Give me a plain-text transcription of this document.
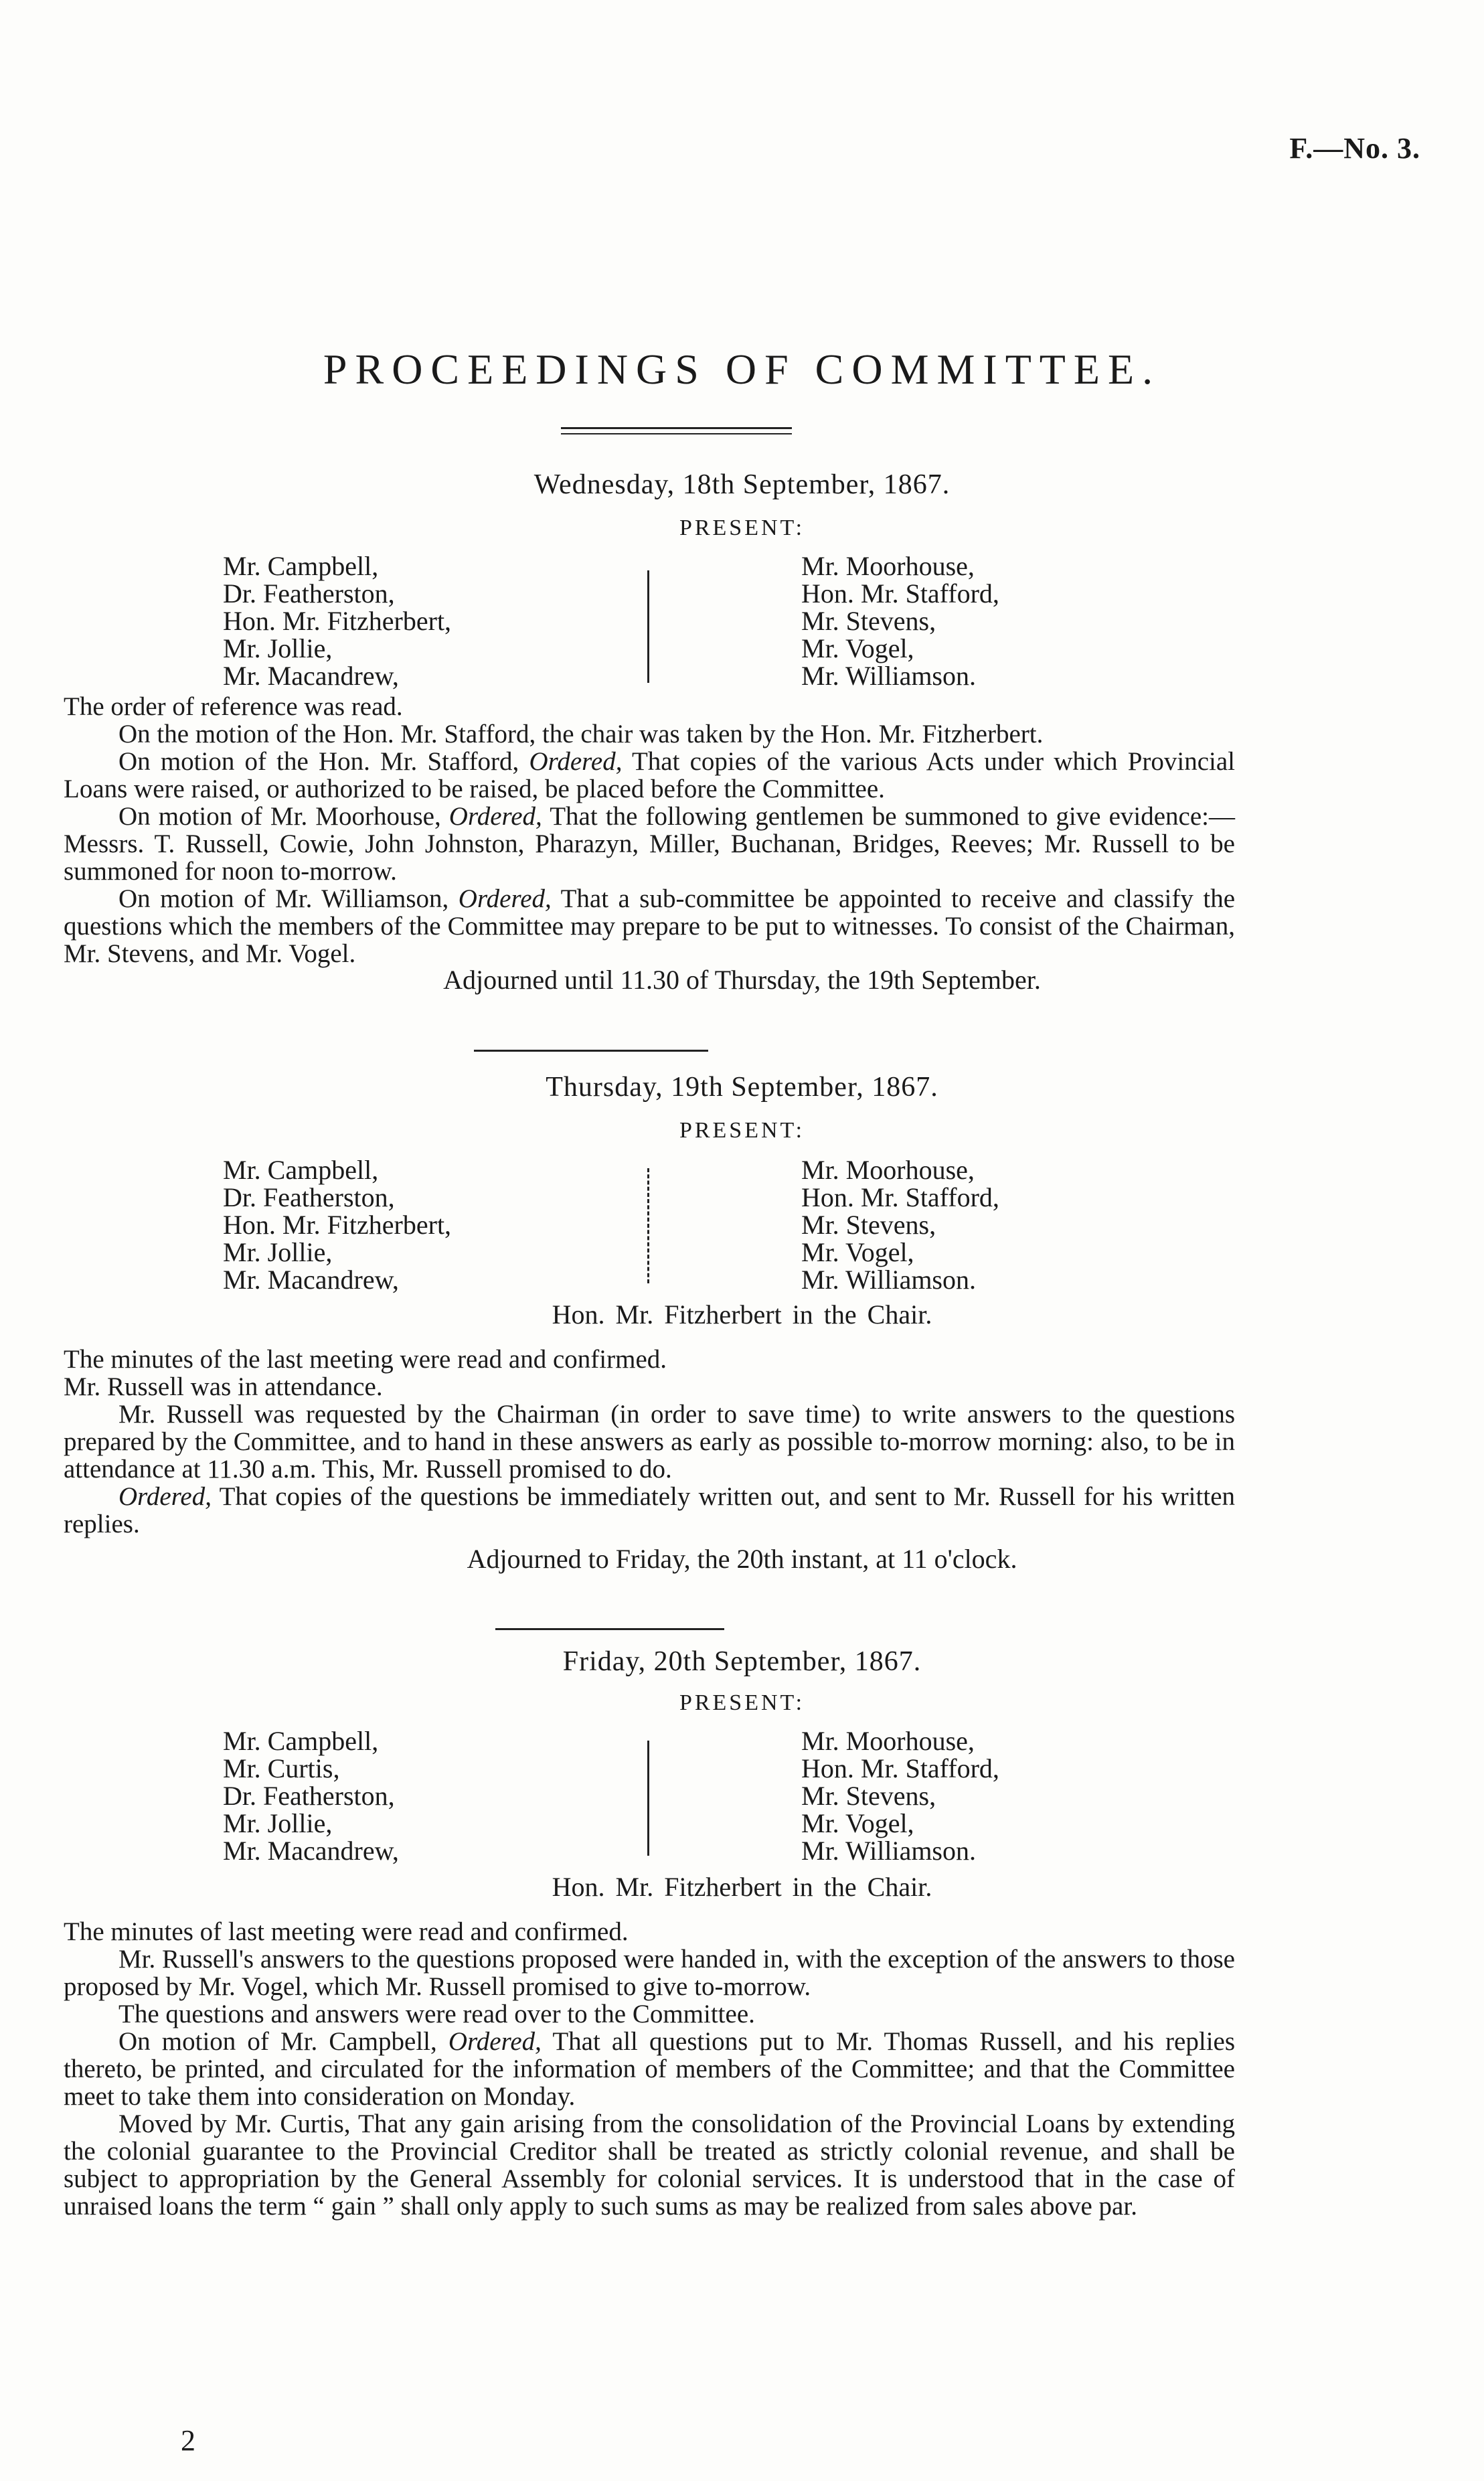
F.—No. 3.
PROCEEDINGS OF COMMITTEE.
Wednesday, 18th September, 1867.
PRESENT:
Mr. Campbell,
Dr. Featherston,
Hon. Mr. Fitzherbert,
Mr. Jollie,
Mr. Macandrew,
Mr. Moorhouse,
Hon. Mr. Stafford,
Mr. Stevens,
Mr. Vogel,
Mr. Williamson.

The order of reference was read.

On the motion of the Hon. Mr. Stafford, the chair was taken by the Hon. Mr. Fitzherbert.

On motion of the Hon. Mr. Stafford, Ordered, That copies of the various Acts under which Provincial Loans were raised, or authorized to be raised, be placed before the Committee.

On motion of Mr. Moorhouse, Ordered, That the following gentlemen be summoned to give evidence:—Messrs. T. Russell, Cowie, John Johnston, Pharazyn, Miller, Buchanan, Bridges, Reeves; Mr. Russell to be summoned for noon to-morrow.

On motion of Mr. Williamson, Ordered, That a sub-committee be appointed to receive and classify the questions which the members of the Committee may prepare to be put to witnesses. To consist of the Chairman, Mr. Stevens, and Mr. Vogel.

Adjourned until 11.30 of Thursday, the 19th September.
Thursday, 19th September, 1867.
PRESENT:
Mr. Campbell,
Dr. Featherston,
Hon. Mr. Fitzherbert,
Mr. Jollie,
Mr. Macandrew,
Mr. Moorhouse,
Hon. Mr. Stafford,
Mr. Stevens,
Mr. Vogel,
Mr. Williamson.
Hon. Mr. Fitzherbert in the Chair.

The minutes of the last meeting were read and confirmed.

Mr. Russell was in attendance.

Mr. Russell was requested by the Chairman (in order to save time) to write answers to the questions prepared by the Committee, and to hand in these answers as early as possible to-morrow morning: also, to be in attendance at 11.30 a.m. This, Mr. Russell promised to do.

Ordered, That copies of the questions be immediately written out, and sent to Mr. Russell for his written replies.

Adjourned to Friday, the 20th instant, at 11 o'clock.
Friday, 20th September, 1867.
PRESENT:
Mr. Campbell,
Mr. Curtis,
Dr. Featherston,
Mr. Jollie,
Mr. Macandrew,
Mr. Moorhouse,
Hon. Mr. Stafford,
Mr. Stevens,
Mr. Vogel,
Mr. Williamson.
Hon. Mr. Fitzherbert in the Chair.

The minutes of last meeting were read and confirmed.

Mr. Russell's answers to the questions proposed were handed in, with the exception of the answers to those proposed by Mr. Vogel, which Mr. Russell promised to give to-morrow.

The questions and answers were read over to the Committee.

On motion of Mr. Campbell, Ordered, That all questions put to Mr. Thomas Russell, and his replies thereto, be printed, and circulated for the information of members of the Committee; and that the Committee meet to take them into consideration on Monday.

Moved by Mr. Curtis, That any gain arising from the consolidation of the Provincial Loans by extending the colonial guarantee to the Provincial Creditor shall be treated as strictly colonial revenue, and shall be subject to appropriation by the General Assembly for colonial services. It is understood that in the case of unraised loans the term “ gain ” shall only apply to such sums as may be realized from sales above par.

2
